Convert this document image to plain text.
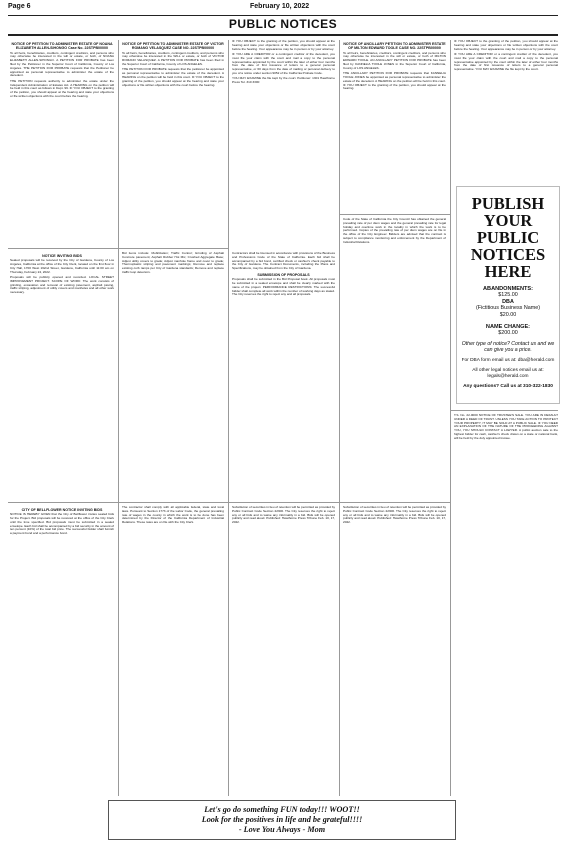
Page 6	February 10, 2022
PUBLIC NOTICES
NOTICE OF PETITION TO ADMINISTER ESTATE OF NOANA ELIZABETH ALLEN-SIHONGO Case No. 22STPB00000

To all heirs, beneficiaries, creditors, contingent creditors, and persons who may otherwise be interested in the will or estate, or both, of NOANA ELIZABETH ALLEN-SIHONGO. A PETITION FOR PROBATE has been filed by the Petitioner in the Superior Court of California, County of Los Angeles. THE PETITION FOR PROBATE requests that the Petitioner be appointed as personal representative to administer the estate of the decedent.

THE PETITION requests authority to administer the estate under the Independent Administration of Estates Act. A HEARING on the petition will be held in this court as follows in Dept. 99. IF YOU OBJECT to the granting of the petition, you should appear at the hearing and state your objections or file written objections with the court before the hearing.

NOTICE OF PETITION TO ADMINISTER ESTATE OF VICTOR ROMANO VELASQUEZ CASE NO. 22STPB00000

To all heirs, beneficiaries, creditors, contingent creditors, and persons who may otherwise be interested in the WILL or estate, or both of VICTOR ROMANO VELASQUEZ. A PETITION FOR PROBATE has been filed in the Superior Court of California, County of LOS ANGELES.

THE PETITION FOR PROBATE requests that the petitioner be appointed as personal representative to administer the estate of the decedent. A HEARING on the petition will be held in this court. IF YOU OBJECT to the granting of the petition, you should appear at the hearing and state your objections or file written objections with the court before the hearing.

IF YOU OBJECT to the granting of the petition, you should appear at the hearing and state your objections or file written objections with the court before the hearing. Your appearance may be in person or by your attorney.

IF YOU ARE A CREDITOR or a contingent creditor of the decedent, you must file your claim with the court and mail a copy to the personal representative appointed by the court within the later of either four months from the date of first issuance of letters to a general personal representative, or 60 days from the date of mailing or personal delivery to you of a notice under section 9052 of the California Probate Code.

YOU MAY EXAMINE the file kept by the court. Petitioner: 1301 Hawthorne Press Tel. 310 3300

NOTICE OF ANCILLARY PETITION TO ADMINISTER ESTATE OF MILTON EDWARD TOOLE CASE NO. 22STPB00000

To all heirs, beneficiaries, creditors, contingent creditors, and persons who may otherwise be interested in the will or estate, or both of MILTON EDWARD TOOLE. AN ANCILLARY PETITION FOR PROBATE has been filed by KANNELIA TOOLE JONES in the Superior Court of California, County of LOS ANGELES.

THE ANCILLARY PETITION FOR PROBATE requests that KANNELIA TOOLE JONES be appointed as personal representative to administer the estate of the decedent. A HEARING on the petition will be held in this court. IF YOU OBJECT to the granting of the petition, you should appear at the hearing.

IF YOU OBJECT to the granting of the petition, you should appear at the hearing and state your objections or file written objections with the court before the hearing. Your appearance may be in person or by your attorney.

IF YOU ARE A CREDITOR or a contingent creditor of the decedent, you must file your claim with the court and mail a copy to the personal representative appointed by the court within the later of either four months from the date of first issuance of letters to a general personal representative. YOU MAY EXAMINE the file kept by the court.

NOTICE INVITING BIDS

Sealed proposals will be received by the City of Gardena, County of Los Angeles, California at the office of the City Clerk, located on the first floor in City Hall, 1700 West 162nd Street, Gardena, California until 11:00 am on Thursday, February 24, 2022.

Proposals will be publicly opened and recorded. LOCAL STREET IMPROVEMENT PROJECT. SCOPE OF WORK: The work consists of grinding, excavation and removal of existing pavement, asphalt paving, traffic striping, adjustment of utility covers and manholes and all other work necessary.

Bid items include: Mobilization; Traffic Control; Grinding of Asphalt Concrete pavement; Asphalt Rubber Hot Mix; Crushed Aggregate Base; Adjust utility covers to grade; Adjust manhole frame and cover to grade; Thermoplastic striping and pavement markings; Remove and replace existing curb ramps per City of Gardena standards; Remove and replace traffic loop detectors.

Contractors shall be licensed in accordance with provisions of the Business and Professions Code of the State of California. Each bid shall be accompanied by a bid bond, certified check or cashier's check payable to the City of Gardena. The Contract Documents, including the Plans and Specifications, may be obtained from the City of Gardena.

SUBMISSION OF PROPOSALS

Proposals shall be submitted in the Bid Proposal book. All proposals must be submitted in a sealed envelope and shall be clearly marked with the name of the project. PERFORMANCE RESTRICTIONS: The successful bidder shall complete all work within the number of working days as stated. The City reserves the right to reject any and all proposals.

Code of the State of California the City Council has obtained the general prevailing rate of per diem wages and the general prevailing rate for legal holiday and overtime work in the locality in which the work is to be performed. Copies of the prevailing rate of per diem wages are on file in the office of the City Engineer. Bidders are advised that the contract is subject to compliance monitoring and enforcement by the Department of Industrial Relations.

PUBLISH YOUR PUBLIC NOTICES HERE
ABANDONMENTS:
$125.00
DBA
(Fictitious Business Name)
$20.00
NAME CHANGE:
$200.00
Other type of notice? Contact us and we can give you a price.
For DBA form email us at: dba@herald.com
All other legal notices email us at: legals@herald.com
Any questions? Call us at 310-322-1830

T.S. No. 22-0000 NOTICE OF TRUSTEE'S SALE. YOU ARE IN DEFAULT UNDER A DEED OF TRUST. UNLESS YOU TAKE ACTION TO PROTECT YOUR PROPERTY, IT MAY BE SOLD AT A PUBLIC SALE. IF YOU NEED AN EXPLANATION OF THE NATURE OF THE PROCEEDING AGAINST YOU, YOU SHOULD CONTACT A LAWYER. A public auction sale to the highest bidder for cash, cashier's check drawn on a state or national bank, will be held by the duly appointed trustee.

CITY OF BELLFLOWER NOTICE INVITING BIDS

NOTICE IS HEREBY GIVEN that the City of Bellflower invites sealed bids for the Project. Bid proposals will be received at the office of the City Clerk until the time specified. Bid proposals must be submitted in a sealed envelope. Each bid shall be accompanied by a bid security in the amount of ten percent (10%) of the total bid price. The successful bidder shall furnish a payment bond and a performance bond.

The contractor shall comply with all applicable federal, state and local laws. Pursuant to Section 1773 of the Labor Code, the general prevailing rate of wages in the county in which the work is to be done has been determined by the Director of the California Department of Industrial Relations. These rates are on file with the City Clerk.

Substitution of securities in lieu of retention will be permitted as provided by Public Contract Code Section 22300. The City reserves the right to reject any or all bids and to waive any informality in a bid. Bids will be opened publicly and read aloud. Published: Hawthorne Press Tribune Feb. 10, 17, 2022.

Substitution of securities in lieu of retention will be permitted as provided by Public Contract Code Section 22300. The City reserves the right to reject any or all bids and to waive any informality in a bid. Bids will be opened publicly and read aloud. Published: Hawthorne Press Tribune Feb. 10, 17, 2022.

Let's go do something FUN today!!! WOOT!!
Look for the positives in life and be grateful!!!!
- Love You Always - Mom
